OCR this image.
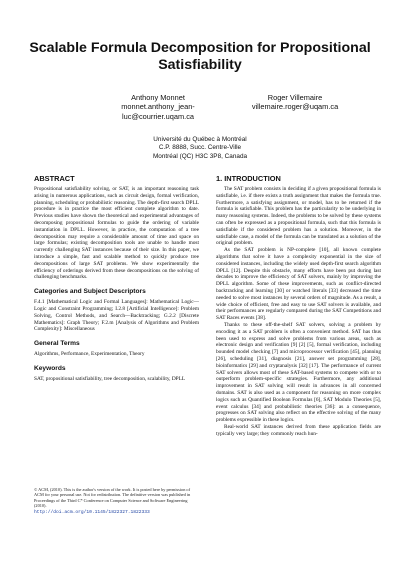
Scalable Formula Decomposition for Propositional Satisfiability
Anthony Monnet
monnet.anthony_jean-
luc@courrier.uqam.ca
Roger Villemaire
villemaire.roger@uqam.ca
Université du Québec à Montréal
C.P. 8888, Succ. Centre-Ville
Montréal (QC) H3C 3P8, Canada
ABSTRACT

Propositional satisfiability solving, or SAT, is an important reasoning task arising in numerous applications, such as circuit design, formal verification, planning, scheduling or probabilistic reasoning. The depth-first search DPLL procedure is in practice the most efficient complete algorithm to date. Previous studies have shown the theoretical and experimental advantages of decomposing propositional formulas to guide the ordering of variable instantiation in DPLL. However, in practice, the computation of a tree decomposition may require a considerable amount of time and space on large formulas; existing decomposition tools are unable to handle most currently challenging SAT instances because of their size. In this paper, we introduce a simple, fast and scalable method to quickly produce tree decompositions of large SAT problems. We show experimentally the efficiency of orderings derived from these decompositions on the solving of challenging benchmarks.

Categories and Subject Descriptors

F.4.1 [Mathematical Logic and Formal Languages]: Mathematical Logic—Logic and Constraint Programming; I.2.8 [Artificial Intelligence]: Problem Solving, Control Methods, and Search—Backtracking; G.2.2 [Discrete Mathematics]: Graph Theory; F.2.m [Analysis of Algorithms and Problem Complexity]: Miscellaneous

General Terms

Algorithms, Performance, Experimentation, Theory

Keywords

SAT, propositional satisfiability, tree decomposition, scalability, DPLL

© ACM, (2010). This is the author's version of the work. It is posted here by permission of ACM for your personal use. Not for redistribution. The definitive version was published in Proceedings of the Third C* Conference on Computer Science and Software Engineering (2010).

http://doi.acm.org/10.1145/1822327.1822333

1. INTRODUCTION

The SAT problem consists in deciding if a given propositional formula is satisfiable, i.e. if there exists a truth assignment that makes the formula true. Furthermore, a satisfying assignment, or model, has to be returned if the formula is satisfiable. This problem has the particularity to be underlying in many reasoning systems. Indeed, the problems to be solved by these systems can often be expressed as a propositional formula, such that this formula is satisfiable if the considered problem has a solution. Moreover, in the satisfiable case, a model of the formula can be translated as a solution of the original problem.

As the SAT problem is NP-complete [10], all known complete algorithms that solve it have a complexity exponential in the size of considered instances, including the widely used depth-first search algorithm DPLL [12]. Despite this obstacle, many efforts have been put during last decades to improve the efficiency of SAT solvers, mainly by improving the DPLL algorithm. Some of these improvements, such as conflict-directed backtracking and learning [30] or watched literals [33] decreased the time needed to solve most instances by several orders of magnitude. As a result, a wide choice of efficient, free and easy to use SAT solvers is available, and their performances are regularly compared during the SAT Competitions and SAT Races events [38].

Thanks to these off-the-shelf SAT solvers, solving a problem by encoding it as a SAT problem is often a convenient method. SAT has thus been used to express and solve problems from various areas, such as electronic design and verification [9] [2] [5], formal verification, including bounded model checking [7] and microprocessor verification [45], planning [26], scheduling [31], diagnosis [21], answer set programming [28], bioinformatics [29] and cryptanalysis [32] [17]. The performance of current SAT solvers allows most of these SAT-based systems to compete with or to outperform problem-specific strategies. Furthermore, any additional improvement in SAT solving will result in advances in all concerned domains. SAT is also used as a component for reasoning on more complex logics such as Quantified Boolean Formulas [6], SAT Modulo Theories [5], event calculus [34] and probabilistic theories [36]: as a consequence, progresses on SAT solving also reflect on the effective solving of the many problems expressible in these logics.

Real-world SAT instances derived from these application fields are typically very large; they commonly reach hun-
